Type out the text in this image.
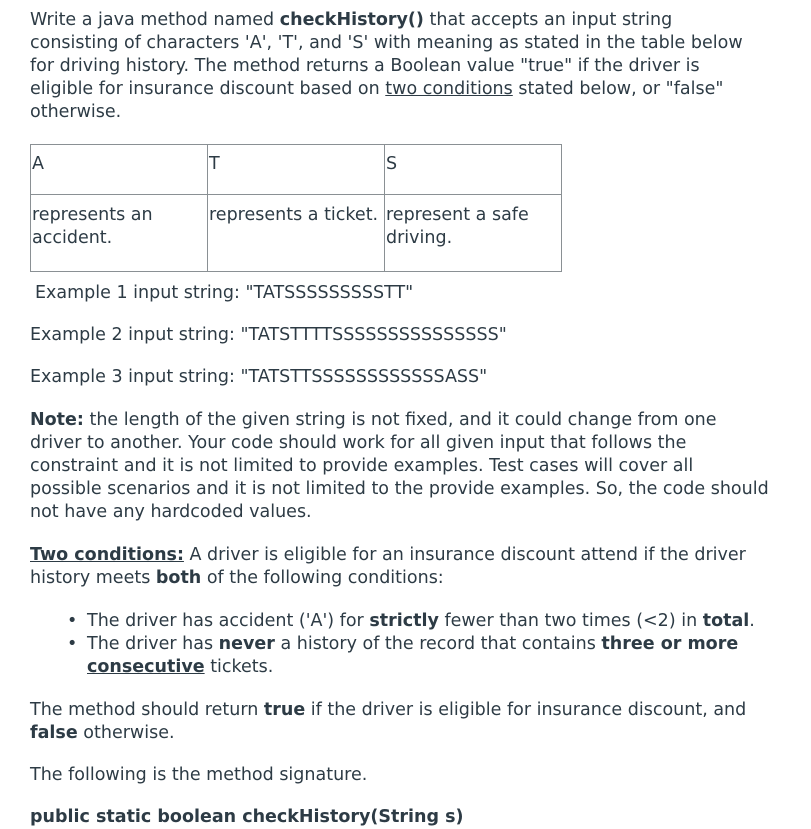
Write a java method named checkHistory() that accepts an input string consisting of characters 'A', 'T', and 'S' with meaning as stated in the table below for driving history. The method returns a Boolean value "true" if the driver is eligible for insurance discount based on two conditions stated below, or "false" otherwise.

A	T	S
represents an accident.	represents a ticket.	represent a safe driving.

Example 1 input string: "TATSSSSSSSSSTT"

Example 2 input string: "TATSTTTTSSSSSSSSSSSSSSS"

Example 3 input string: "TATSTTSSSSSSSSSSSSASS"

Note: the length of the given string is not fixed, and it could change from one driver to another. Your code should work for all given input that follows the constraint and it is not limited to provide examples. Test cases will cover all possible scenarios and it is not limited to the provide examples. So, the code should not have any hardcoded values.

Two conditions: A driver is eligible for an insurance discount attend if the driver history meets both of the following conditions:

• The driver has accident ('A') for strictly fewer than two times (<2) in total.
• The driver has never a history of the record that contains three or more consecutive tickets.

The method should return true if the driver is eligible for insurance discount, and false otherwise.

The following is the method signature.

public static boolean checkHistory(String s)
